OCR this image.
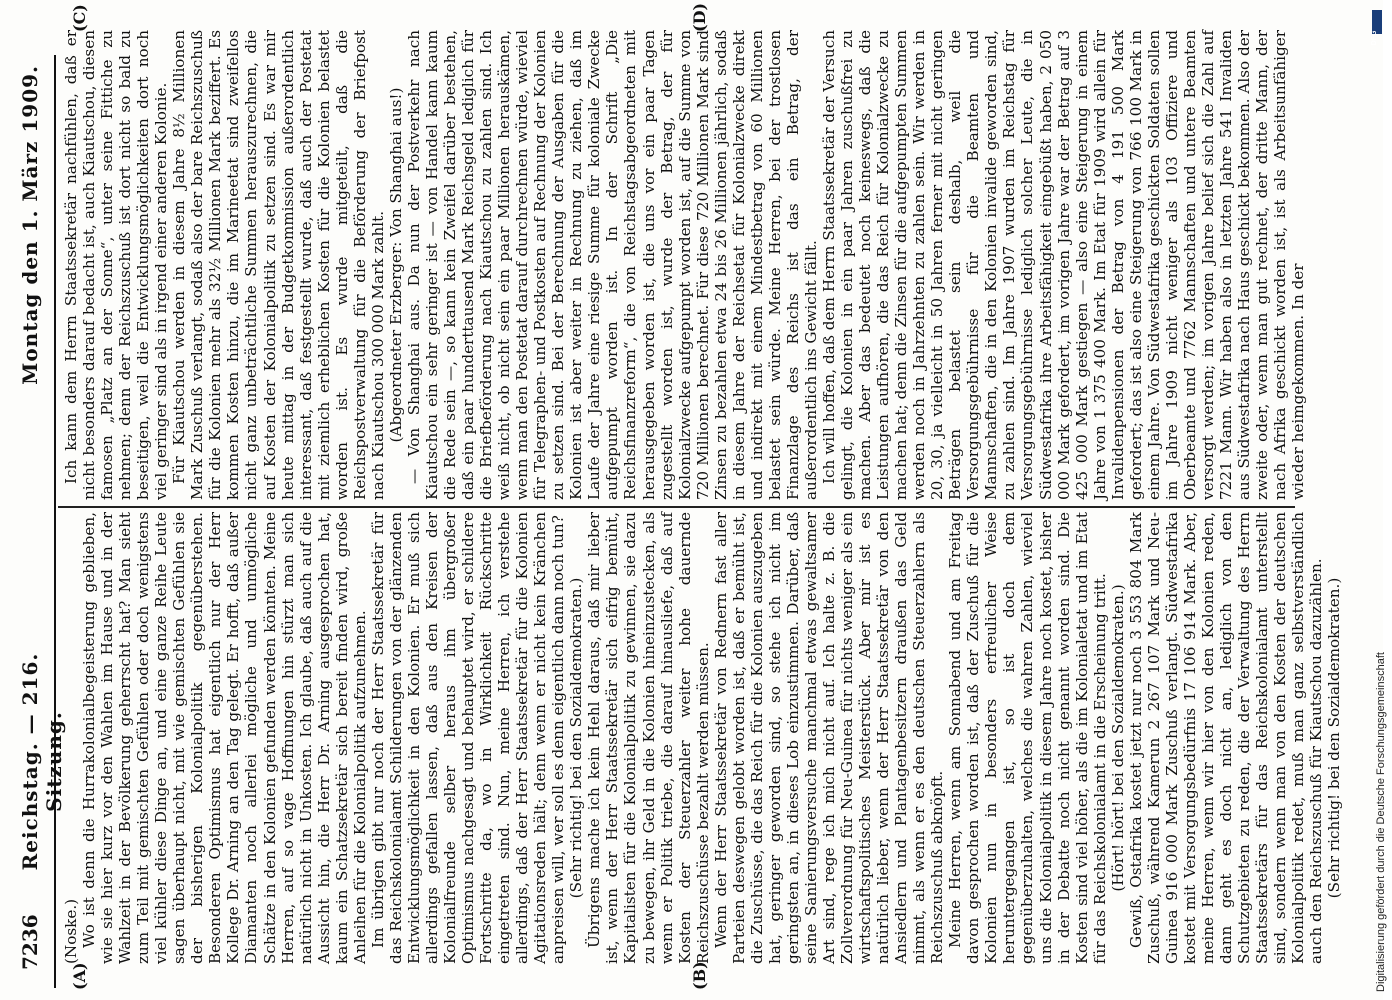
7236
Reichstag. — 216. Sitzung.
Montag den 1. März 1909.
(A)	(B)
(C)	(D)

(Noske.) Wo ist denn die Hurrakolonialbegeisterung geblieben, wie sie hier kurz vor den Wahlen im Hause und in der Wahlzeit in der Bevölkerung geherrscht hat? Man sieht zum Teil mit gemischten Gefühlen oder doch wenigstens viel kühler diese Dinge an, und eine ganze Reihe Leute sagen überhaupt nicht, mit wie gemischten Gefühlen sie der bisherigen Kolonialpolitik gegenüberstehen. Besonderen Optimismus hat eigentlich nur der Herr Kollege Dr. Arning an den Tag gelegt. Er hofft, daß außer Diamanten noch allerlei mögliche und unmögliche Schätze in den Kolonien gefunden werden könnten. Meine Herren, auf so vage Hoffnungen hin stürzt man sich natürlich nicht in Unkosten. Ich glaube, daß auch auf die Aussicht hin, die Herr Dr. Arning ausgesprochen hat, kaum ein Schatzsekretär sich bereit finden wird, große Anleihen für die Kolonialpolitik aufzunehmen. Im übrigen gibt nur noch der Herr Staatssekretär für das Reichskolonialamt Schilderungen von der glänzenden Entwicklungsmöglichkeit in den Kolonien. Er muß sich allerdings gefallen lassen, daß aus den Kreisen der Kolonialfreunde selber heraus ihm übergroßer Optimismus nachgesagt und behauptet wird, er schildere Fortschritte da, wo in Wirklichkeit Rückschritte eingetreten sind. Nun, meine Herren, ich verstehe allerdings, daß der Herr Staatssekretär für die Kolonien Agitationsreden hält; denn wenn er nicht kein Kränchen anpreisen will, wer soll es denn eigentlich dann noch tun? (Sehr richtig! bei den Sozialdemokraten.) Übrigens mache ich kein Hehl daraus, daß mir lieber ist, wenn der Herr Staatssekretär sich eifrig bemüht, Kapitalisten für die Kolonialpolitik zu gewinnen, sie dazu zu bewegen, ihr Geld in die Kolonien hineinzustecken, als wenn er Politik triebe, die darauf hinausliefe, daß auf Kosten der Steuerzahler weiter hohe dauernde Reichszuschüsse bezahlt werden müssen. Wenn der Herr Staatssekretär von Rednern fast aller Parteien deswegen gelobt worden ist, daß er bemüht ist, die Zuschüsse, die das Reich für die Kolonien auszugeben hat, geringer geworden sind, so stehe ich nicht im geringsten an, in dieses Lob einzustimmen. Darüber, daß seine Sanierungsversuche manchmal etwas gewaltsamer Art sind, rege ich mich nicht auf. Ich halte z. B. die Zollverordnung für Neu-Guinea für nichts weniger als ein wirtschaftspolitisches Meisterstück. Aber mir ist es natürlich lieber, wenn der Herr Staatssekretär von den Ansiedlern und Plantagenbesitzern draußen das Geld nimmt, als wenn er es den deutschen Steuerzahlern als Reichszuschuß abknöpft. Meine Herren, wenn am Sonnabend und am Freitag davon gesprochen worden ist, daß der Zuschuß für die Kolonien nun in besonders erfreulicher Weise heruntergegangen ist, so ist doch dem gegenüberzuhalten, welches die wahren Zahlen, wieviel uns die Kolonialpolitik in diesem Jahre noch kostet, bisher in der Debatte noch nicht genannt worden sind. Die Kosten sind viel höher, als die im Kolonialetat und im Etat für das Reichskolonialamt in die Erscheinung tritt. (Hört! hört! bei den Sozialdemokraten.) Gewiß, Ostafrika kostet jetzt nur noch 3 553 804 Mark Zuschuß, während Kamerun 2 267 107 Mark und Neu-Guinea 916 000 Mark Zuschuß verlangt. Südwestafrika kostet mit Versorgungsbedürfnis 17 106 914 Mark. Aber, meine Herren, wenn wir hier von den Kolonien reden, dann geht es doch nicht an, lediglich von den Schutzgebieten zu reden, die der Verwaltung des Herrn Staatssekretärs für das Reichskolonialamt unterstellt sind, sondern wenn man von den Kosten der deutschen Kolonialpolitik redet, muß man ganz selbstverständlich auch den Reichszuschuß für Kiautschou dazuzählen. (Sehr richtig! bei den Sozialdemokraten.)

Ich kann dem Herrn Staatssekretär nachfühlen, daß er nicht besonders darauf bedacht ist, auch Kiautschou, diesen famosen „Platz an der Sonne“, unter seine Fittiche zu nehmen; denn der Reichszuschuß ist dort nicht so bald zu beseitigen, weil die Entwicklungsmöglichkeiten dort noch viel geringer sind als in irgend einer anderen Kolonie. Für Kiautschou werden in diesem Jahre 8½ Millionen Mark Zuschuß verlangt, sodaß also der bare Reichszuschuß für die Kolonien mehr als 32½ Millionen Mark beziffert. Es kommen Kosten hinzu, die im Marineetat sind zweifellos nicht ganz unbeträchtliche Summen herauszurechnen, die auf Kosten der Kolonialpolitik zu setzen sind. Es war mir heute mittag in der Budgetkommission außerordentlich interessant, daß festgestellt wurde, daß auch der Postetat mit ziemlich erheblichen Kosten für die Kolonien belastet worden ist. Es wurde mitgeteilt, daß die Reichspostverwaltung für die Beförderung der Briefpost nach Kiautschou 300 000 Mark zahlt. (Abgeordneter Erzberger: Von Shanghai aus!) — Von Shanghai aus. Da nun der Postverkehr nach Kiautschou ein sehr geringer ist — von Handel kann kaum die Rede sein —, so kann kein Zweifel darüber bestehen, daß ein paar hunderttausend Mark Reichsgeld lediglich für die Briefbeförderung nach Kiautschou zu zahlen sind. Ich weiß nicht, ob nicht sein ein paar Millionen herauskämen, wenn man den Postetat darauf durchrechnen würde, wieviel für Telegraphen- und Postkosten auf Rechnung der Kolonien zu setzen sind. Bei der Berechnung der Ausgaben für die Kolonien ist aber weiter in Rechnung zu ziehen, daß im Laufe der Jahre eine riesige Summe für koloniale Zwecke aufgepumpt worden ist. In der Schrift „Die Reichsfinanzreform“, die von Reichstagsabgeordneten mit herausgegeben worden ist, die uns vor ein paar Tagen zugestellt worden ist, wurde der Betrag, der für Kolonialzwecke aufgepumpt worden ist, auf die Summe von 720 Millionen berechnet. Für diese 720 Millionen Mark sind Zinsen zu bezahlen etwa 24 bis 26 Millionen jährlich, sodaß in diesem Jahre der Reichsetat für Kolonialzwecke direkt und indirekt mit einem Mindestbetrag von 60 Millionen belastet sein würde. Meine Herren, bei der trostlosen Finanzlage des Reichs ist das ein Betrag, der außerordentlich ins Gewicht fällt. Ich will hoffen, daß dem Herrn Staatssekretär der Versuch gelingt, die Kolonien in ein paar Jahren zuschußfrei zu machen. Aber das bedeutet noch keineswegs, daß die Leistungen aufhören, die das Reich für Kolonialzwecke zu machen hat; denn die Zinsen für die aufgepumpten Summen werden noch in Jahrzehnten zu zahlen sein. Wir werden in 20, 30, ja vielleicht in 50 Jahren ferner mit nicht geringen Beträgen belastet sein deshalb, weil die Versorgungsgebührnisse für die Beamten und Mannschaften, die in den Kolonien invalide geworden sind, zu zahlen sind. Im Jahre 1907 wurden im Reichstag für Versorgungsgebührnisse lediglich solcher Leute, die in Südwestafrika ihre Arbeitsfähigkeit eingebüßt haben, 2 050 000 Mark gefordert, im vorigen Jahre war der Betrag auf 3 425 000 Mark gestiegen — also eine Steigerung in einem Jahre von 1 375 400 Mark. Im Etat für 1909 wird allein für Invalidenpensionen der Betrag von 4 191 500 Mark gefordert; das ist also eine Steigerung von 766 100 Mark in einem Jahre. Von Südwestafrika geschickten Soldaten sollen im Jahre 1909 nicht weniger als 103 Offiziere und Oberbeamte und 7762 Mannschaften und untere Beamten versorgt werden; im vorigen Jahre belief sich die Zahl auf 7221 Mann. Wir haben also in letzten Jahre 541 Invaliden aus Südwestafrika nach Haus geschickt bekommen. Also der zweite oder, wenn man gut rechnet, der dritte Mann, der nach Afrika geschickt worden ist, ist als Arbeitsunfähiger wieder heimgekommen. In der

Digitalisierung gefördert durch die Deutsche Forschungsgemeinschaft
DFG
